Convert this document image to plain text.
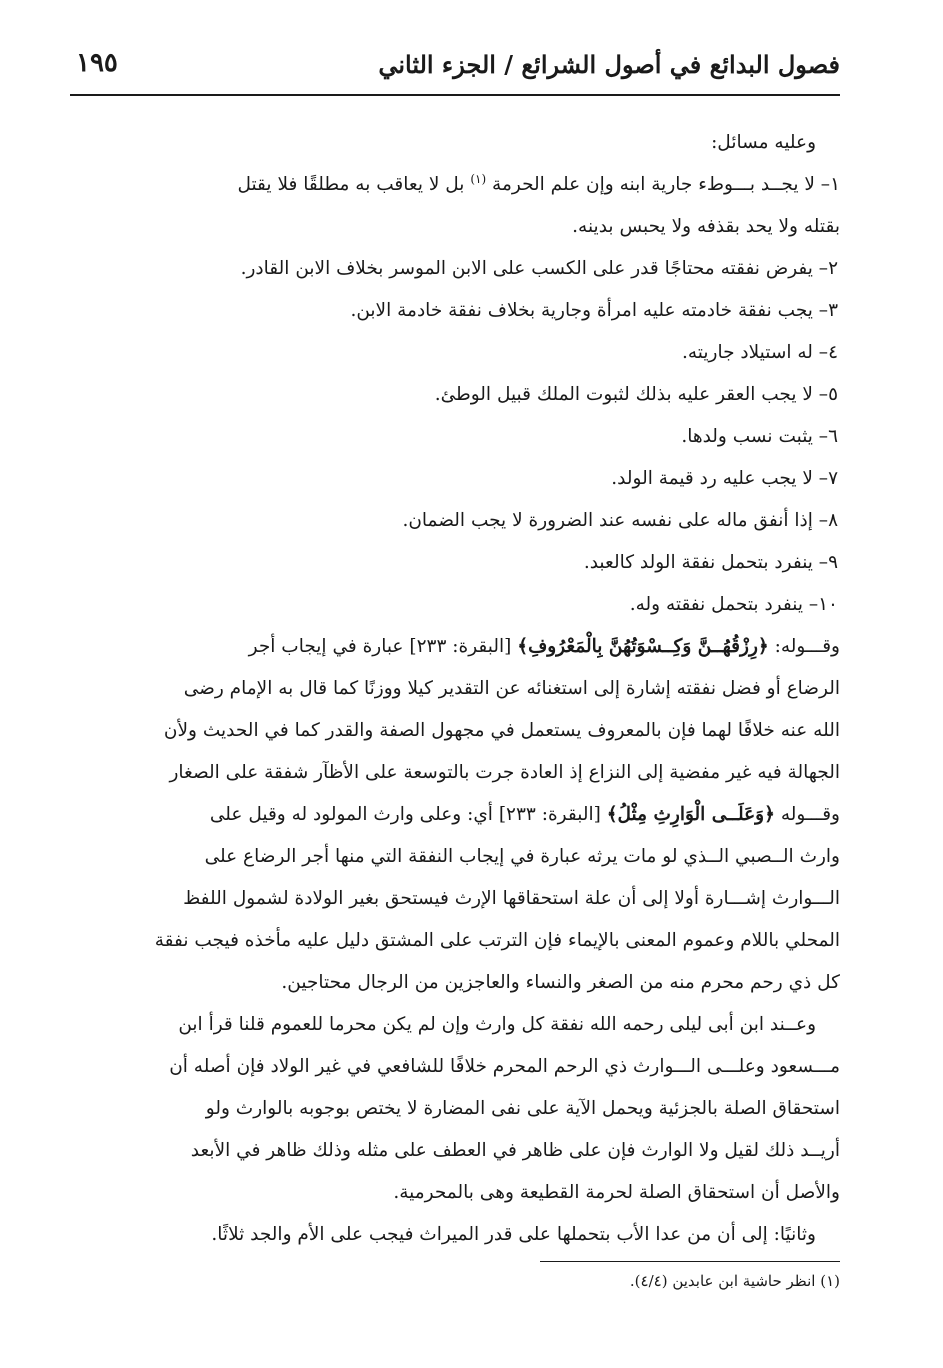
فصول البدائع في أصول الشرائع / الجزء الثاني
١٩٥
وعليه مسائل:
١– لا يجــد بـــوطء جارية ابنه وإن علم الحرمة $^{(١)}$ بل لا يعاقب به مطلقًا فلا يقتل
بقتله ولا يحد بقذفه ولا يحبس بدينه.
٢– يفرض نفقته محتاجًا قدر على الكسب على الابن الموسر بخلاف الابن القادر.
٣– يجب نفقة خادمته عليه امرأة وجارية بخلاف نفقة خادمة الابن.
٤– له استيلاد جاريته.
٥– لا يجب العقر عليه بذلك لثبوت الملك قبيل الوطئ.
٦– يثبت نسب ولدها.
٧– لا يجب عليه رد قيمة الولد.
٨– إذا أنفق ماله على نفسه عند الضرورة لا يجب الضمان.
٩– ينفرد بتحمل نفقة الولد كالعبد.
١٠– ينفرد بتحمل نفقته وله.
وقـــوله: ﴿رِزْقُهُــنَّ وَكِــسْوَتُهُنَّ بِالْمَعْرُوفِ﴾ [البقرة: ٢٣٣] عبارة في إيجاب أجر
الرضاع أو فضل نفقته إشارة إلى استغنائه عن التقدير كيلا ووزنًا كما قال به الإمام رضى
الله عنه خلافًا لهما فإن بالمعروف يستعمل في مجهول الصفة والقدر كما في الحديث ولأن
الجهالة فيه غير مفضية إلى النزاع إذ العادة جرت بالتوسعة على الأظآر شفقة على الصغار
وقـــوله ﴿وَعَلَــى الْوَارِثِ مِثْلُ﴾ [البقرة: ٢٣٣] أي: وعلى وارث المولود له وقيل على
وارث الــصبي الــذي لو مات يرثه عبارة في إيجاب النفقة التي منها أجر الرضاع على
الـــوارث إشـــارة أولا إلى أن علة استحقاقها الإرث فيستحق بغير الولادة لشمول اللفظ
المحلي باللام وعموم المعنى بالإيماء فإن الترتب على المشتق دليل عليه مأخذه فيجب نفقة
كل ذي رحم محرم منه من الصغر والنساء والعاجزين من الرجال محتاجين.
وعــند ابن أبى ليلى رحمه الله نفقة كل وارث وإن لم يكن محرما للعموم قلنا قرأ ابن
مـــسعود وعلـــى الـــوارث ذي الرحم المحرم خلافًا للشافعي في غير الولاد فإن أصله أن
استحقاق الصلة بالجزئية ويحمل الآية على نفى المضارة لا يختص بوجوبه بالوارث ولو
أريــد ذلك لقيل ولا الوارث فإن على ظاهر في العطف على مثله وذلك ظاهر في الأبعد
والأصل أن استحقاق الصلة لحرمة القطيعة وهى بالمحرمية.
وثانيًا: إلى أن من عدا الأب بتحملها على قدر الميراث فيجب على الأم والجد ثلاثًا.
(١) انظر حاشية ابن عابدين (٤/٤).
